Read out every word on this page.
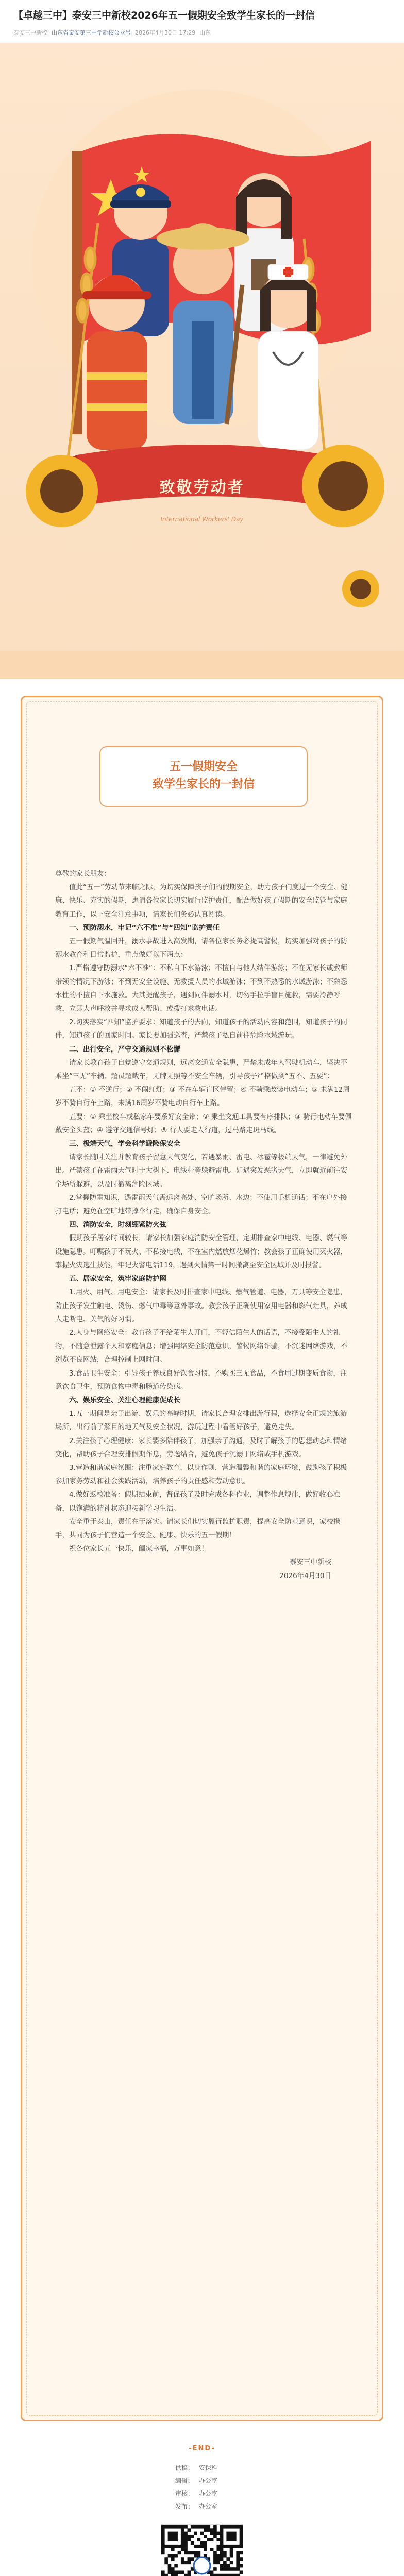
【卓越三中】泰安三中新校2026年五一假期安全致学生家长的一封信
泰安三中新校 山东省泰安第三中学新校公众号 2026年4月30日 17:29 山东
致敬劳动者
International Workers' Day
五一假期安全
致学生家长的一封信

尊敬的家长朋友：

值此“五一”劳动节来临之际，为切实保障孩子们的假期安全，助力孩子们度过一个安全、健康、快乐、充实的假期，惠请各位家长切实履行监护责任，配合做好孩子假期的安全监管与家庭教育工作，以下安全注意事项，请家长们务必认真阅读。

一、预防溺水，牢记“六不准”与“四知”监护责任

五一假期气温回升，溺水事故进入高发期，请各位家长务必提高警惕，切实加强对孩子的防溺水教育和日常监护，重点做好以下两点：

1.严格遵守防溺水“六不准”：不私自下水游泳；不擅自与他人结伴游泳；不在无家长或教师带领的情况下游泳；不到无安全设施、无救援人员的水域游泳；不到不熟悉的水域游泳；不熟悉水性的不擅自下水施救。大其提醒孩子，遇到同伴溺水时，切勿手拉手盲目施救，需要冷静呼救，立即大声呼救并寻求成人帮助、或拨打求救电话。

2.切实落实“四知”监护要求：知道孩子的去向，知道孩子的活动内容和范围，知道孩子的同伴，知道孩子的回家时间。家长要加强巡查，严禁孩子私自前往危险水域游玩。

二、出行安全，严守交通规则不松懈

请家长教育孩子自觉遵守交通规则，远离交通安全隐患，严禁未成年人驾驶机动车，坚决不乘坐“三无”车辆、超员超载车，无牌无照等不安全车辆，引导孩子严格做到“五不、五要”：

五不：① 不逆行；② 不闯红灯；③ 不在车辆盲区停留；④ 不骑乘改装电动车；⑤ 未满12周岁不骑自行车上路，未满16周岁不骑电动自行车上路。

五要：① 乘坐校车或私家车要系好安全带；② 乘坐交通工具要有序排队；③ 骑行电动车要佩戴安全头盔；④ 遵守交通信号灯；⑤ 行人要走人行道，过马路走斑马线。

三、极端天气，学会科学避险保安全

请家长随时关注并教育孩子留意天气变化，若遇暴雨、雷电、冰雹等极端天气，一律避免外出。严禁孩子在雷雨天气时于大树下、电线杆旁躲避雷电。如遇突发恶劣天气，立即就近前往安全场所躲避，以及时撤离危险区域。

2.掌握防雷知识，遇雷雨天气需远离高处、空旷场所、水边；不使用手机通话；不在户外接打电话；避免在空旷地带撑伞行走，确保自身安全。

四、消防安全，时刻绷紧防火弦

假期孩子居家时间较长，请家长加强家庭消防安全管理，定期排查家中电线、电器、燃气等设施隐患。叮嘱孩子不玩火、不私接电线，不在室内燃放烟花爆竹；教会孩子正确使用灭火器，掌握火灾逃生技能，牢记火警电话119，遇到火情第一时间撤离至安全区域并及时报警。

五、居家安全，筑牢家庭防护网

1.用火、用气、用电安全：请家长及时排查家中电线、燃气管道、电器，刀具等安全隐患，防止孩子发生触电、烫伤、燃气中毒等意外事故。教会孩子正确使用家用电器和燃气灶具，养成人走断电、关气的好习惯。

2.人身与网络安全：教育孩子不给陌生人开门，不轻信陌生人的话语，不接受陌生人的礼物，不随意泄露个人和家庭信息；增强网络安全防范意识，警惕网络诈骗，不沉迷网络游戏，不浏览不良网站，合理控制上网时间。

3.食品卫生安全：引导孩子养成良好饮食习惯，不购买三无食品，不食用过期变质食物，注意饮食卫生，预防食物中毒和肠道传染病。

六、娱乐安全、关注心理健康促成长

1.五一期间是亲子出游、娱乐的高峰时期，请家长合理安排出游行程，选择安全正规的旅游场所，出行前了解目的地天气及安全状况，游玩过程中看管好孩子，避免走失。

2.关注孩子心理健康：家长要多陪伴孩子，加强亲子沟通，及时了解孩子的思想动态和情绪变化，帮助孩子合理安排假期作息，劳逸结合，避免孩子沉溺于网络或手机游戏。

3.营造和谐家庭氛围：注重家庭教育，以身作则，营造温馨和谐的家庭环境，鼓励孩子积极参加家务劳动和社会实践活动，培养孩子的责任感和劳动意识。

4.做好返校准备：假期结束前，督促孩子及时完成各科作业，调整作息规律，做好收心准备，以饱满的精神状态迎接新学习生活。

安全重于泰山，责任在于落实。请家长们切实履行监护职责，提高安全防范意识，家校携手，共同为孩子们营造一个安全、健康、快乐的五一假期！

祝各位家长五一快乐，阖家幸福，万事如意！

泰安三中新校

2026年4月30日

-END-
供稿： 安保科
编辑： 办公室
审核： 办公室
发布： 办公室
